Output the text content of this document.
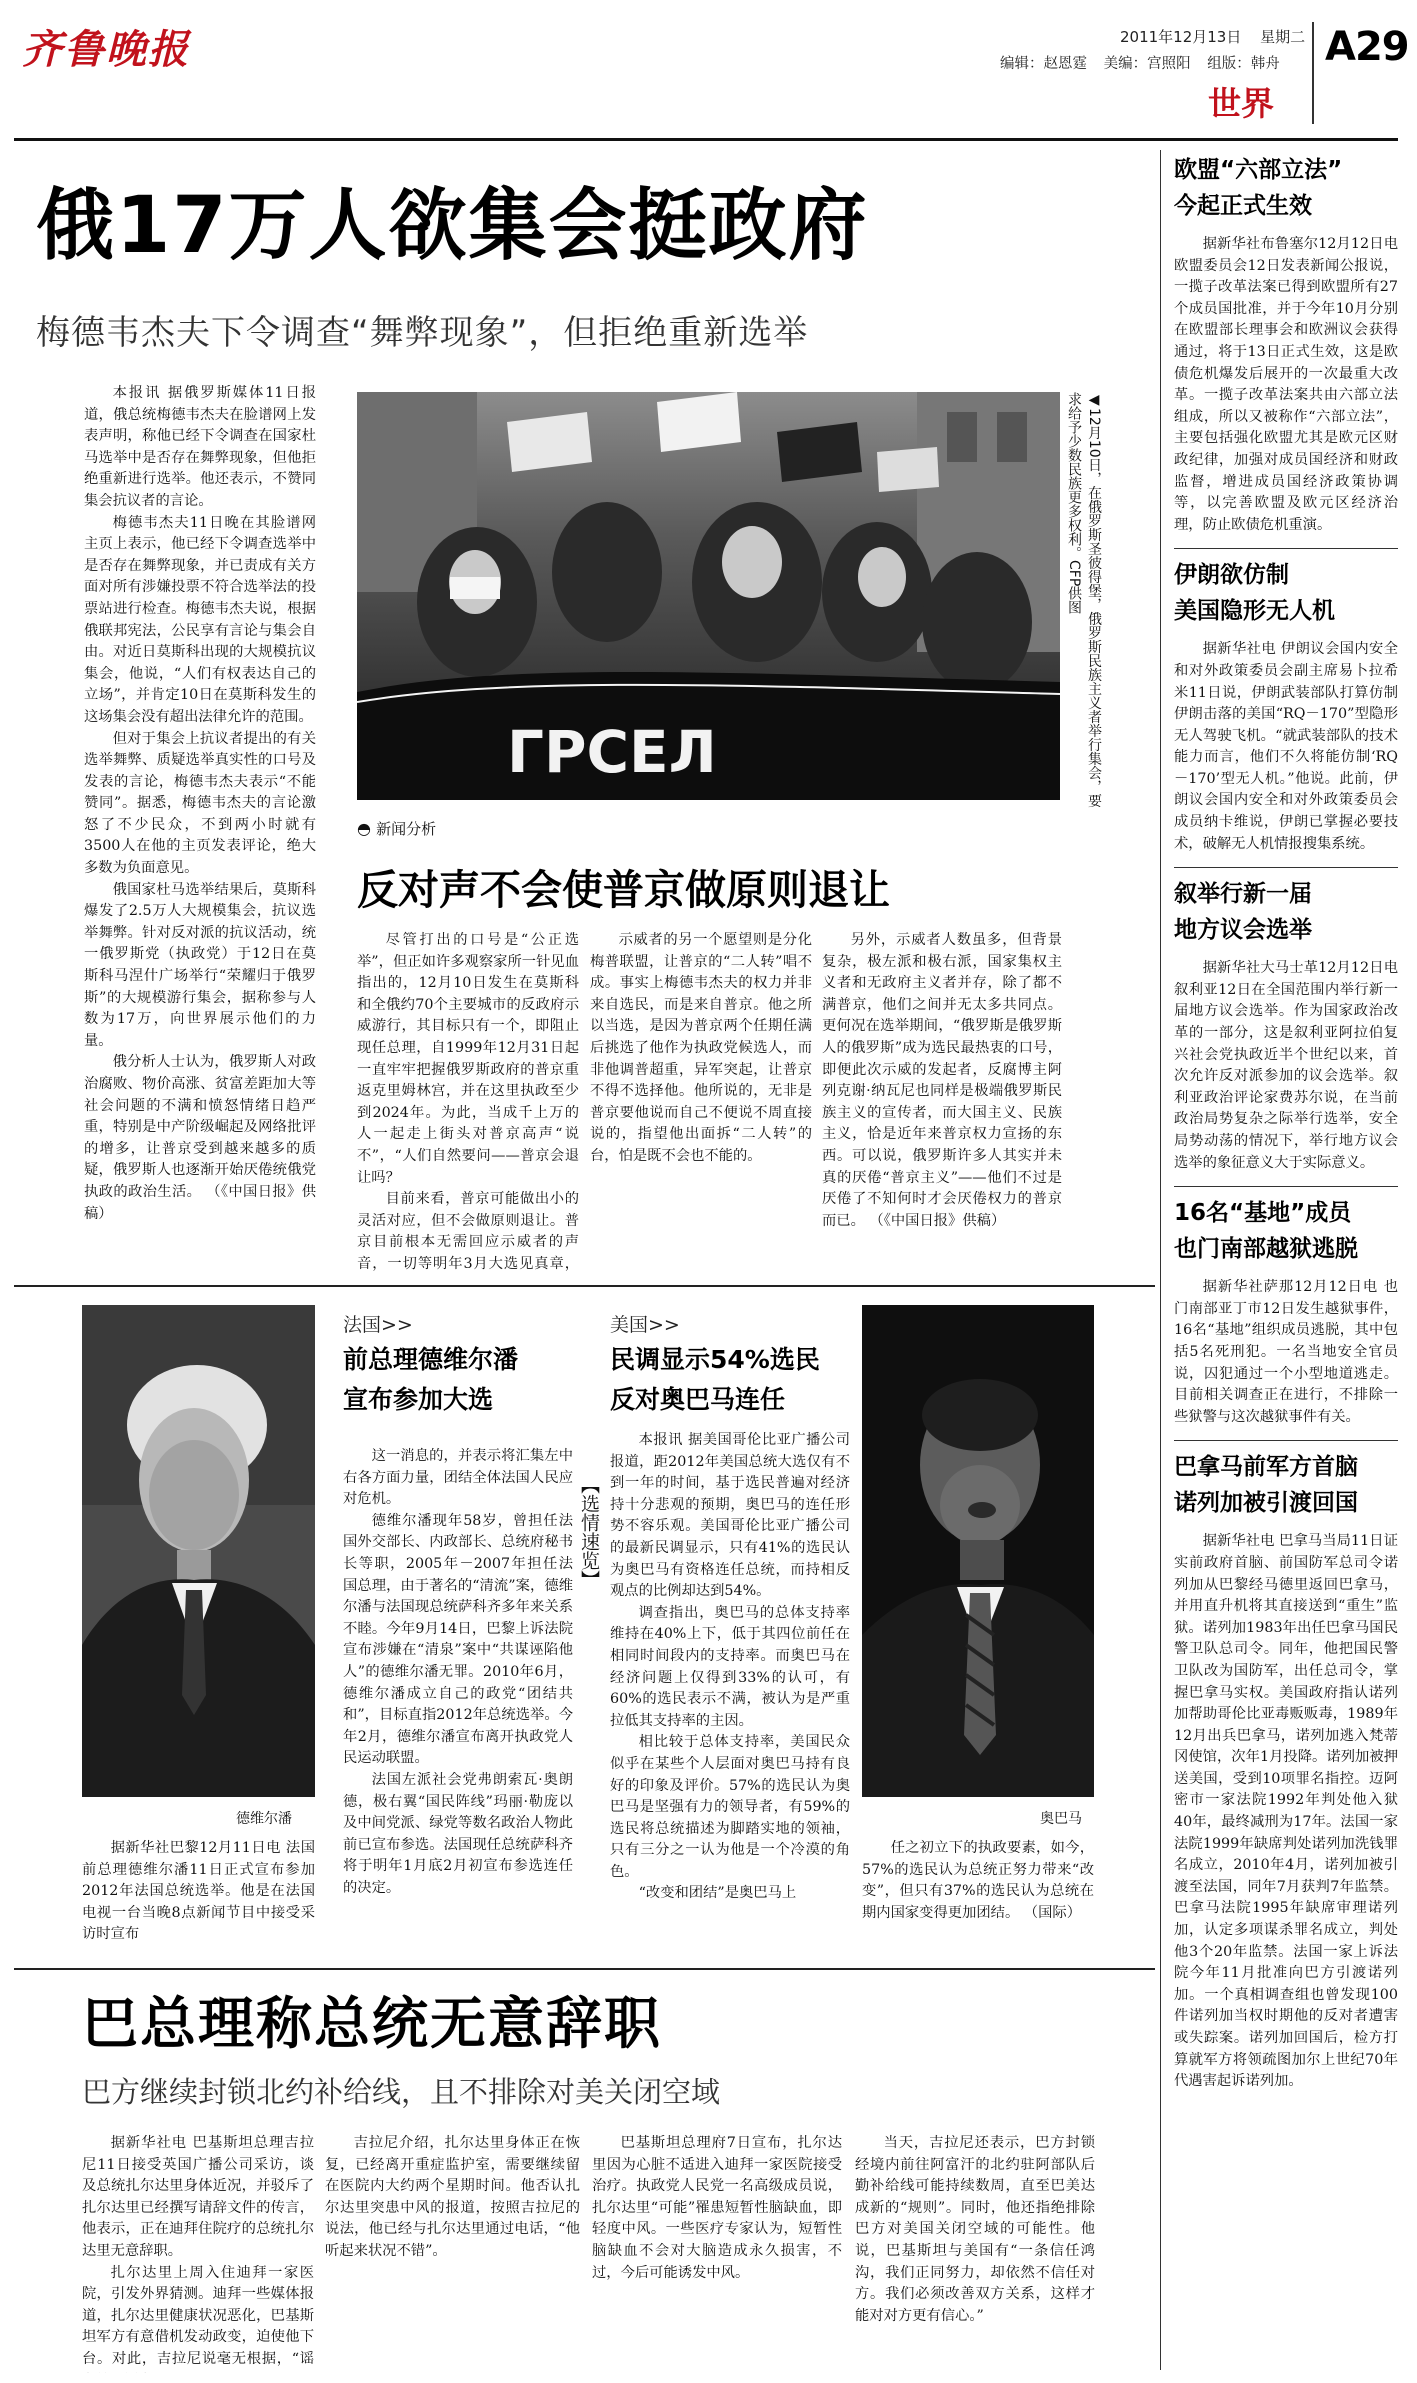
齐鲁晚报	2011年12月13日 星期二
编辑：赵恩霆 美编：宫照阳 组版：韩舟 A29
世界
俄17万人欲集会挺政府
梅德韦杰夫下令调查“舞弊现象”，但拒绝重新选举

本报讯 据俄罗斯媒体11日报道，俄总统梅德韦杰夫在脸谱网上发表声明，称他已经下令调查在国家杜马选举中是否存在舞弊现象，但他拒绝重新进行选举。他还表示，不赞同集会抗议者的言论。

梅德韦杰夫11日晚在其脸谱网主页上表示，他已经下令调查选举中是否存在舞弊现象，并已责成有关方面对所有涉嫌投票不符合选举法的投票站进行检查。梅德韦杰夫说，根据俄联邦宪法，公民享有言论与集会自由。对近日莫斯科出现的大规模抗议集会，他说，“人们有权表达自己的立场”，并肯定10日在莫斯科发生的这场集会没有超出法律允许的范围。

但对于集会上抗议者提出的有关选举舞弊、质疑选举真实性的口号及发表的言论，梅德韦杰夫表示“不能赞同”。据悉，梅德韦杰夫的言论激怒了不少民众，不到两小时就有3500人在他的主页发表评论，绝大多数为负面意见。

俄国家杜马选举结果后，莫斯科爆发了2.5万人大规模集会，抗议选举舞弊。针对反对派的抗议活动，统一俄罗斯党（执政党）于12日在莫斯科马涅什广场举行“荣耀归于俄罗斯”的大规模游行集会，据称参与人数为17万，向世界展示他们的力量。

俄分析人士认为，俄罗斯人对政治腐败、物价高涨、贫富差距加大等社会问题的不满和愤怒情绪日趋严重，特别是中产阶级崛起及网络批评的增多，让普京受到越来越多的质疑，俄罗斯人也逐渐开始厌倦统俄党执政的政治生活。 （《中国日报》供稿）

ГРСЕЛ	◀12月10日，在俄罗斯圣彼得堡，俄罗斯民族主义者举行集会，要求给予少数民族更多权利。CFP供图
◓ 新闻分析
反对声不会使普京做原则退让

尽管打出的口号是“公正选举”，但正如许多观察家所一针见血指出的，12月10日发生在莫斯科和全俄约70个主要城市的反政府示威游行，其目标只有一个，即阻止现任总理，自1999年12月31日起一直牢牢把握俄罗斯政府的普京重返克里姆林宫，并在这里执政至少到2024年。为此，当成千上万的人一起走上街头对普京高声“说不”，“人们自然要问——普京会退让吗？

目前来看，普京可能做出小的灵活对应，但不会做原则退让。普京目前根本无需回应示威者的声音，一切等明年3月大选见真章，

示威者的另一个愿望则是分化梅普联盟，让普京的“二人转”唱不成。事实上梅德韦杰夫的权力并非来自选民，而是来自普京。他之所以当选，是因为普京两个任期任满后挑选了他作为执政党候选人，而非他调普超重，异军突起，让普京不得不选择他。他所说的，无非是普京要他说而自己不便说不周直接说的，指望他出面拆“二人转”的台，怕是既不会也不能的。

另外，示威者人数虽多，但背景复杂，极左派和极右派，国家集权主义者和无政府主义者并存，除了都不满普京，他们之间并无太多共同点。更何况在选举期间，“俄罗斯是俄罗斯人的俄罗斯”成为选民最热衷的口号，即便此次示威的发起者，反腐博主阿列克谢·纳瓦尼也同样是极端俄罗斯民族主义的宣传者，而大国主义、民族主义，恰是近年来普京权力宣扬的东西。可以说，俄罗斯许多人其实并未真的厌倦“普京主义”——他们不过是厌倦了不知何时才会厌倦权力的普京而已。 （《中国日报》供稿）

欧盟“六部立法”
今起正式生效

据新华社布鲁塞尔12月12日电 欧盟委员会12日发表新闻公报说，一揽子改革法案已得到欧盟所有27个成员国批准，并于今年10月分别在欧盟部长理事会和欧洲议会获得通过，将于13日正式生效，这是欧债危机爆发后展开的一次最重大改革。一揽子改革法案共由六部立法组成，所以又被称作“六部立法”，主要包括强化欧盟尤其是欧元区财政纪律，加强对成员国经济和财政监督，增进成员国经济政策协调等，以完善欧盟及欧元区经济治理，防止欧债危机重演。

伊朗欲仿制
美国隐形无人机

据新华社电 伊朗议会国内安全和对外政策委员会副主席易卜拉希米11日说，伊朗武装部队打算仿制伊朗击落的美国“RQ－170”型隐形无人驾驶飞机。“就武装部队的技术能力而言，他们不久将能仿制‘RQ－170’型无人机。”他说。此前，伊朗议会国内安全和对外政策委员会成员纳卡维说，伊朗已掌握必要技术，破解无人机情报搜集系统。

叙举行新一届
地方议会选举

据新华社大马士革12月12日电 叙利亚12日在全国范围内举行新一届地方议会选举。作为国家政治改革的一部分，这是叙利亚阿拉伯复兴社会党执政近半个世纪以来，首次允许反对派参加的议会选举。叙利亚政治评论家费苏尔说，在当前政治局势复杂之际举行选举，安全局势动荡的情况下，举行地方议会选举的象征意义大于实际意义。

16名“基地”成员
也门南部越狱逃脱

据新华社萨那12月12日电 也门南部亚丁市12日发生越狱事件，16名“基地”组织成员逃脱，其中包括5名死刑犯。一名当地安全官员说，囚犯通过一个小型地道逃走。目前相关调查正在进行，不排除一些狱警与这次越狱事件有关。

巴拿马前军方首脑
诺列加被引渡回国

据新华社电 巴拿马当局11日证实前政府首脑、前国防军总司令诺列加从巴黎经马德里返回巴拿马，并用直升机将其直接送到“重生”监狱。诺列加1983年出任巴拿马国民警卫队总司令。同年，他把国民警卫队改为国防军，出任总司令，掌握巴拿马实权。美国政府指认诺列加帮助哥伦比亚毒贩贩毒，1989年12月出兵巴拿马，诺列加逃入梵蒂冈使馆，次年1月投降。诺列加被押送美国，受到10项罪名指控。迈阿密市一家法院1992年判处他入狱40年，最终减刑为17年。法国一家法院1999年缺席判处诺列加洗钱罪名成立，2010年4月，诺列加被引渡至法国，同年7月获判7年监禁。巴拿马法院1995年缺席审理诺列加，认定多项谋杀罪名成立，判处他3个20年监禁。法国一家上诉法院今年11月批准向巴方引渡诺列加。一个真相调查组也曾发现100件诺列加当权时期他的反对者遭害或失踪案。诺列加回国后，检方打算就军方将领疏图加尔上世纪70年代遇害起诉诺列加。

德维尔潘

据新华社巴黎12月11日电 法国前总理德维尔潘11日正式宣布参加2012年法国总统选举。他是在法国电视一台当晚8点新闻节目中接受采访时宣布

法国>>
前总理德维尔潘
宣布参加大选

这一消息的，并表示将汇集左中右各方面力量，团结全体法国人民应对危机。

德维尔潘现年58岁，曾担任法国外交部长、内政部长、总统府秘书长等职，2005年－2007年担任法国总理，由于著名的“清流”案，德维尔潘与法国现总统萨科齐多年来关系不睦。今年9月14日，巴黎上诉法院宣布涉嫌在“清泉”案中“共谋诬陷他人”的德维尔潘无罪。2010年6月，德维尔潘成立自己的政党“团结共和”，目标直指2012年总统选举。今年2月，德维尔潘宣布离开执政党人民运动联盟。

法国左派社会党弗朗索瓦·奥朗德，极右翼“国民阵线”玛丽·勒庞以及中间党派、绿党等数名政治人物此前已宣布参选。法国现任总统萨科齐将于明年1月底2月初宣布参选连任的决定。

︻选情速览︼
美国>>
民调显示54%选民
反对奥巴马连任

本报讯 据美国哥伦比亚广播公司报道，距2012年美国总统大选仅有不到一年的时间，基于选民普遍对经济持十分悲观的预期，奥巴马的连任形势不容乐观。美国哥伦比亚广播公司的最新民调显示，只有41%的选民认为奥巴马有资格连任总统，而持相反观点的比例却达到54%。

调查指出，奥巴马的总体支持率维持在40%上下，低于其四位前任在相同时间段内的支持率。而奥巴马在经济问题上仅得到33%的认可，有60%的选民表示不满，被认为是严重拉低其支持率的主因。

相比较于总体支持率，美国民众似乎在某些个人层面对奥巴马持有良好的印象及评价。57%的选民认为奥巴马是坚强有力的领导者，有59%的选民将总统描述为脚踏实地的领袖，只有三分之一认为他是一个冷漠的角色。

“改变和团结”是奥巴马上

奥巴马

任之初立下的执政要素，如今，57%的选民认为总统正努力带来“改变”，但只有37%的选民认为总统在期内国家变得更加团结。 （国际）

巴总理称总统无意辞职
巴方继续封锁北约补给线，且不排除对美关闭空域

据新华社电 巴基斯坦总理吉拉尼11日接受英国广播公司采访，谈及总统扎尔达里身体近况，并驳斥了扎尔达里已经撰写请辞文件的传言，他表示，正在迪拜住院疗的总统扎尔达里无意辞职。

扎尔达里上周入住迪拜一家医院，引发外界猜测。迪拜一些媒体报道，扎尔达里健康状况恶化，巴基斯坦军方有意借机发动政变，迫使他下台。对此，吉拉尼说毫无根据，“谣

吉拉尼介绍，扎尔达里身体正在恢复，已经离开重症监护室，需要继续留在医院内大约两个星期时间。他否认扎尔达里突患中风的报道，按照吉拉尼的说法，他已经与扎尔达里通过电话，“他听起来状况不错”。

巴基斯坦总理府7日宣布，扎尔达里因为心脏不适进入迪拜一家医院接受治疗。执政党人民党一名高级成员说，扎尔达里“可能”罹患短暂性脑缺血，即轻度中风。一些医疗专家认为，短暂性脑缺血不会对大脑造成永久损害，不过，今后可能诱发中风。

当天，吉拉尼还表示，巴方封锁经境内前往阿富汗的北约驻阿部队后勤补给线可能持续数周，直至巴美达成新的“规则”。同时，他还指绝排除巴方对美国关闭空域的可能性。他说，巴基斯坦与美国有“一条信任鸿沟，我们正同努力，却依然不信任对方。我们必须改善双方关系，这样才能对对方更有信心。”
